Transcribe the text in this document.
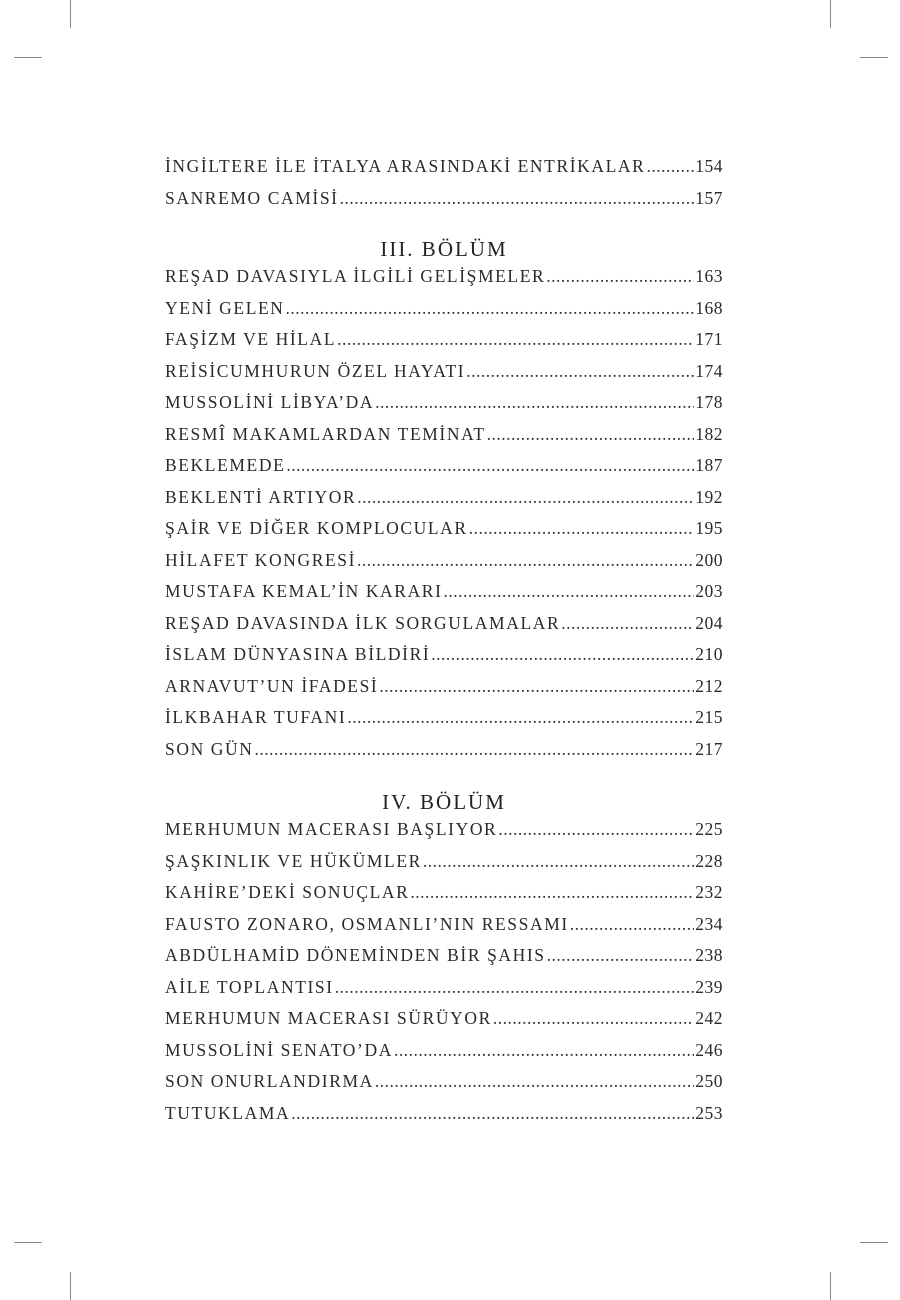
İNGİLTERE İLE İTALYA ARASINDAKİ ENTRİKALAR .....	154
SANREMO CAMİSİ .....	157
III. BÖLÜM
REŞAD DAVASIYLA İLGİLİ GELİŞMELER .....	163
YENİ GELEN .....	168
FAŞİZM VE HİLAL .....	171
REİSİCUMHURUN ÖZEL HAYATI .....	174
MUSSOLİNİ LİBYA’DA .....	178
RESMÎ MAKAMLARDAN TEMİNAT .....	182
BEKLEMEDE .....	187
BEKLENTİ ARTIYOR .....	192
ŞAİR VE DİĞER KOMPLOCULAR .....	195
HİLAFET KONGRESİ .....	200
MUSTAFA KEMAL’İN KARARI .....	203
REŞAD DAVASINDA İLK SORGULAMALAR .....	204
İSLAM DÜNYASINA BİLDİRİ .....	210
ARNAVUT’UN İFADESİ .....	212
İLKBAHAR TUFANI .....	215
SON GÜN .....	217
IV. BÖLÜM
MERHUMUN MACERASI BAŞLIYOR .....	225
ŞAŞKINLIK VE HÜKÜMLER .....	228
KAHİRE’DEKİ SONUÇLAR .....	232
FAUSTO ZONARO, OSMANLI’NIN RESSAMI .....	234
ABDÜLHAMİD DÖNEMİNDEN BİR ŞAHIS .....	238
AİLE TOPLANTISI .....	239
MERHUMUN MACERASI SÜRÜYOR .....	242
MUSSOLİNİ SENATO’DA .....	246
SON ONURLANDIRMA .....	250
TUTUKLAMA .....	253
